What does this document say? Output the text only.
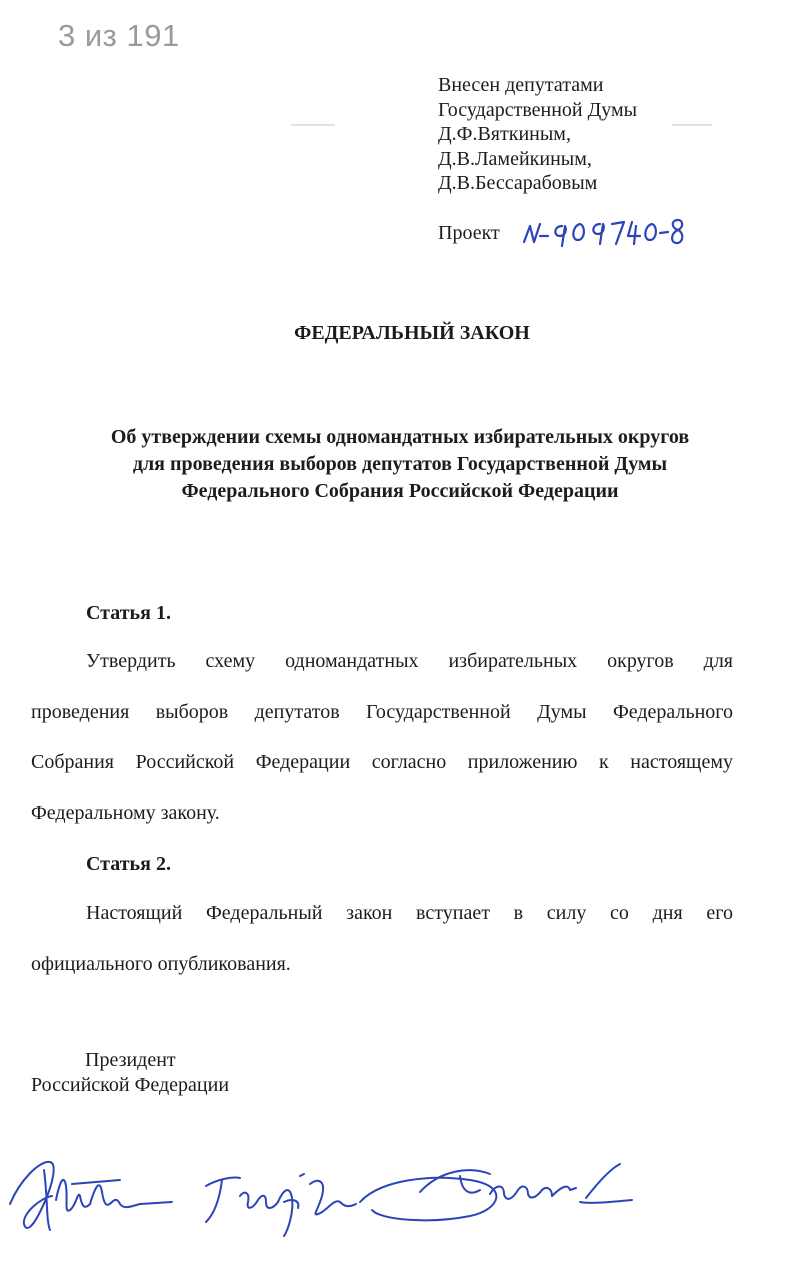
3 из 191
Внесен депутатами
Государственной Думы
Д.Ф.Вяткиным,
Д.В.Ламейкиным,
Д.В.Бессарабовым
Проект
ФЕДЕРАЛЬНЫЙ ЗАКОН
Об утверждении схемы одномандатных избирательных округов
для проведения выборов депутатов Государственной Думы
Федерального Собрания Российской Федерации
Статья 1.
Утвердить схему одномандатных избирательных округов для
проведения выборов депутатов Государственной Думы Федерального
Собрания Российской Федерации согласно приложению к настоящему
Федеральному закону.
Статья 2.
Настоящий Федеральный закон вступает в силу со дня его
официального опубликования.
Президент
Российской Федерации
